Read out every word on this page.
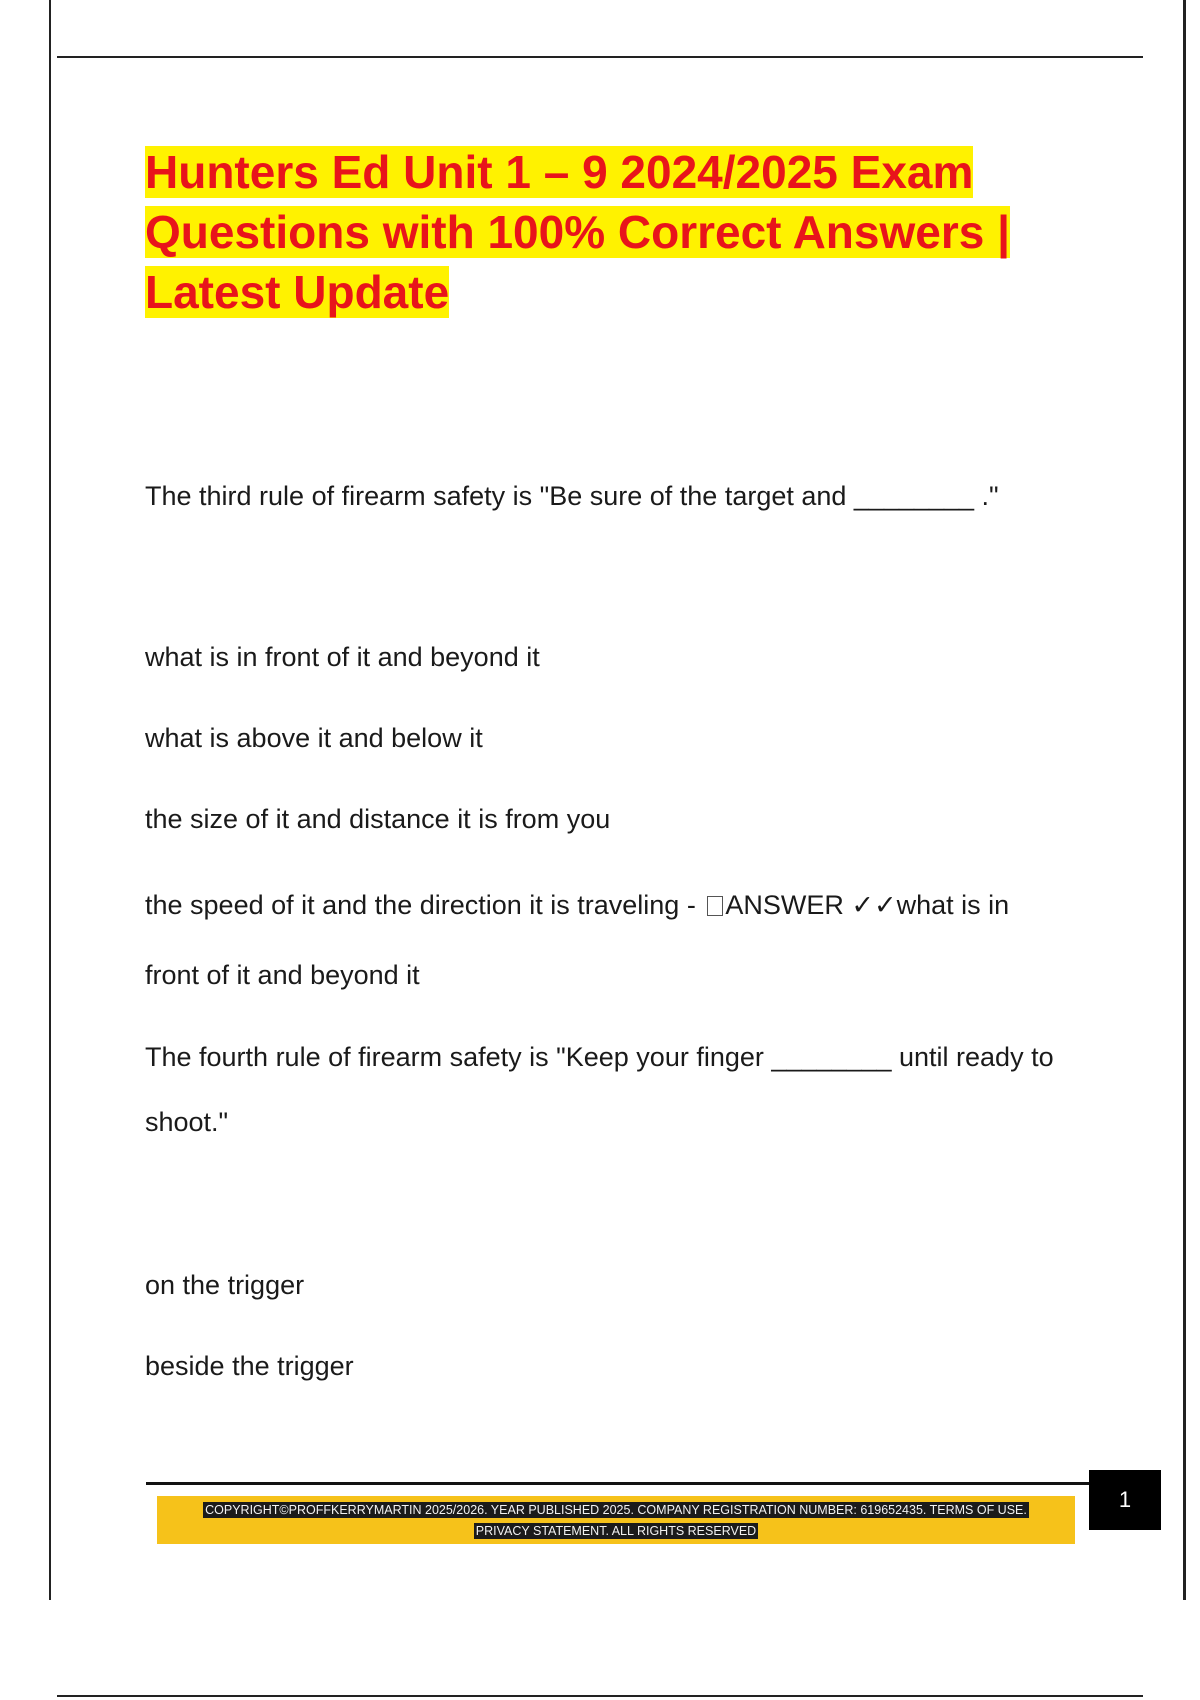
Hunters Ed Unit 1 – 9 2024/2025 Exam Questions with 100% Correct Answers | Latest Update

The third rule of firearm safety is "Be sure of the target and ________ ."

what is in front of it and beyond it

what is above it and below it

the size of it and distance it is from you

the speed of it and the direction it is traveling - ANSWER ✓✓what is in

front of it and beyond it

The fourth rule of firearm safety is "Keep your finger ________ until ready to

shoot."

on the trigger

beside the trigger

COPYRIGHT©PROFFKERRYMARTIN 2025/2026. YEAR PUBLISHED 2025. COMPANY REGISTRATION NUMBER: 619652435. TERMS OF USE.
PRIVACY STATEMENT. ALL RIGHTS RESERVED
1
